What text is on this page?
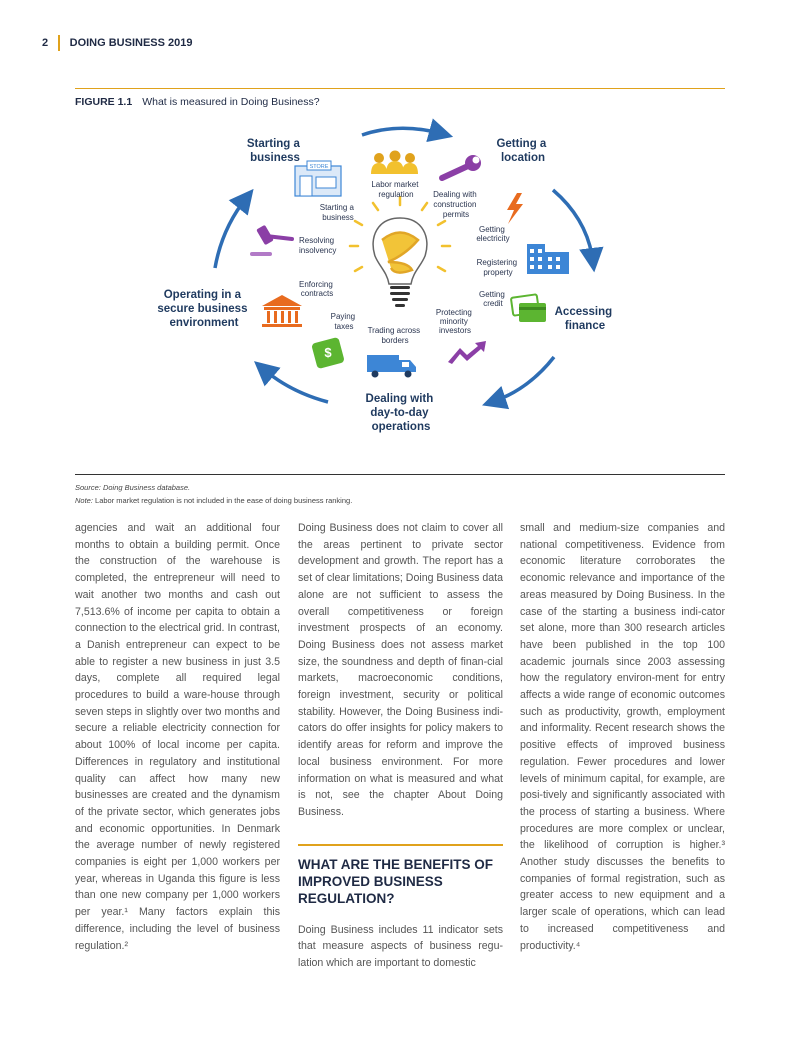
2 DOING BUSINESS 2019
FIGURE 1.1 What is measured in Doing Business?
Starting a business
Getting a location
Accessing finance
Dealing with day-to-day operations
Operating in a secure business environment
Labor market regulation
STORE
Starting a business
Dealing with construction permits
Getting electricity
Registering property
Getting credit
Protecting minority investors
Trading across borders
$
Paying taxes
Enforcing contracts
Resolving insolvency
Source: Doing Business database.
Note: Labor market regulation is not included in the ease of doing business ranking.

agencies and wait an additional four months to obtain a building permit. Once the construction of the warehouse is completed, the entrepreneur will need to wait another two months and cash out 7,513.6% of income per capita to obtain a connection to the electrical grid. In contrast, a Danish entrepreneur can expect to be able to register a new business in just 3.5 days, complete all required legal procedures to build a ware-house through seven steps in slightly over two months and secure a reliable electricity connection for about 100% of local income per capita. Differences in regulatory and institutional quality can affect how many new businesses are created and the dynamism of the private sector, which generates jobs and economic opportunities. In Denmark the average number of newly registered companies is eight per 1,000 workers per year, whereas in Uganda this figure is less than one new company per 1,000 workers per year.¹ Many factors explain this difference, including the level of business regulation.²

Doing Business does not claim to cover all the areas pertinent to private sector development and growth. The report has a set of clear limitations; Doing Business data alone are not sufficient to assess the overall competitiveness or foreign investment prospects of an economy. Doing Business does not assess market size, the soundness and depth of finan-cial markets, macroeconomic conditions, foreign investment, security or political stability. However, the Doing Business indi-cators do offer insights for policy makers to identify areas for reform and improve the local business environment. For more information on what is measured and what is not, see the chapter About Doing Business.

WHAT ARE THE BENEFITS OF IMPROVED BUSINESS REGULATION?

Doing Business includes 11 indicator sets that measure aspects of business regu-lation which are important to domestic

small and medium-size companies and national competitiveness. Evidence from economic literature corroborates the economic relevance and importance of the areas measured by Doing Business. In the case of the starting a business indi-cator set alone, more than 300 research articles have been published in the top 100 academic journals since 2003 assessing how the regulatory environ-ment for entry affects a wide range of economic outcomes such as productivity, growth, employment and informality. Recent research shows the positive effects of improved business regulation. Fewer procedures and lower levels of minimum capital, for example, are posi-tively and significantly associated with the process of starting a business. Where procedures are more complex or unclear, the likelihood of corruption is higher.³ Another study discusses the benefits to companies of formal registration, such as greater access to new equipment and a larger scale of operations, which can lead to increased competitiveness and productivity.⁴
